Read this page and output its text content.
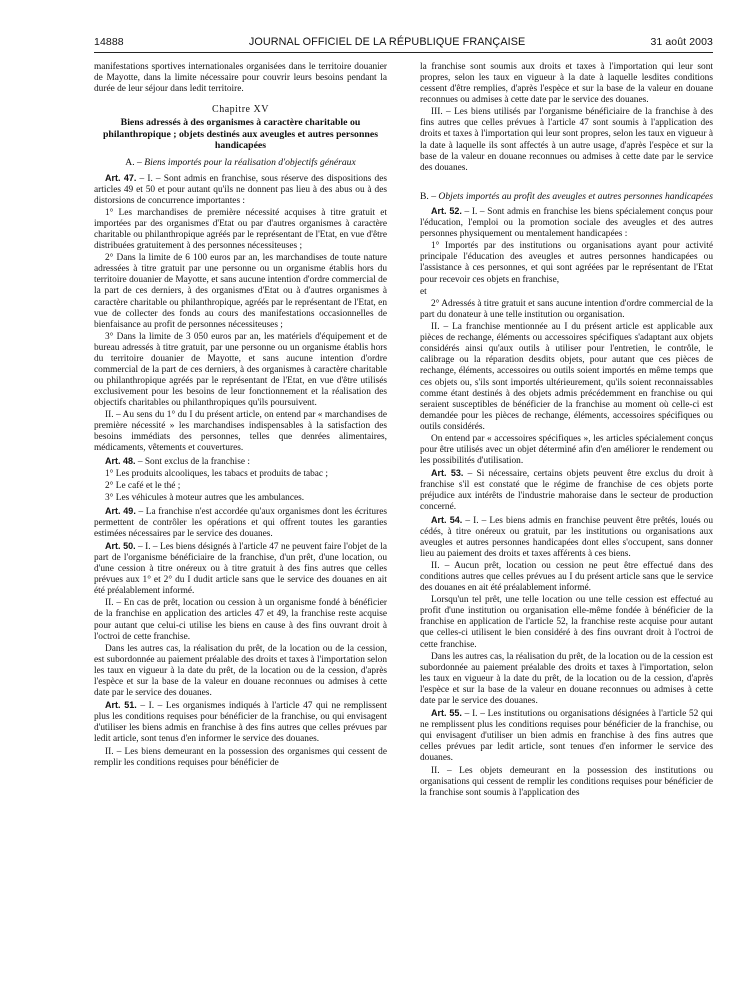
14888	JOURNAL OFFICIEL DE LA RÉPUBLIQUE FRANÇAISE	31 août 2003

manifestations sportives internationales organisées dans le territoire douanier de Mayotte, dans la limite nécessaire pour couvrir leurs besoins pendant la durée de leur séjour dans ledit territoire.

Chapitre XV
Biens adressés à des organismes à caractère charitable ou philanthropique ; objets destinés aux aveugles et autres personnes handicapées
A. – Biens importés pour la réalisation d'objectifs généraux

Art. 47. – I. – Sont admis en franchise, sous réserve des dispositions des articles 49 et 50 et pour autant qu'ils ne donnent pas lieu à des abus ou à des distorsions de concurrence importantes :

1° Les marchandises de première nécessité acquises à titre gratuit et importées par des organismes d'Etat ou par d'autres organismes à caractère charitable ou philanthropique agréés par le représentant de l'Etat, en vue d'être distribuées gratuitement à des personnes nécessiteuses ;

2° Dans la limite de 6 100 euros par an, les marchandises de toute nature adressées à titre gratuit par une personne ou un organisme établis hors du territoire douanier de Mayotte, et sans aucune intention d'ordre commercial de la part de ces derniers, à des organismes d'Etat ou à d'autres organismes à caractère charitable ou philanthropique, agréés par le représentant de l'Etat, en vue de collecter des fonds au cours des manifestations occasionnelles de bienfaisance au profit de personnes nécessiteuses ;

3° Dans la limite de 3 050 euros par an, les matériels d'équipement et de bureau adressés à titre gratuit, par une personne ou un organisme établis hors du territoire douanier de Mayotte, et sans aucune intention d'ordre commercial de la part de ces derniers, à des organismes à caractère charitable ou philanthropique agréés par le représentant de l'Etat, en vue d'être utilisés exclusivement pour les besoins de leur fonctionnement et la réalisation des objectifs charitables ou philanthropiques qu'ils poursuivent.

II. – Au sens du 1° du I du présent article, on entend par « marchandises de première nécessité » les marchandises indispensables à la satisfaction des besoins immédiats des personnes, telles que denrées alimentaires, médicaments, vêtements et couvertures.

Art. 48. – Sont exclus de la franchise :

1° Les produits alcooliques, les tabacs et produits de tabac ;

2° Le café et le thé ;

3° Les véhicules à moteur autres que les ambulances.

Art. 49. – La franchise n'est accordée qu'aux organismes dont les écritures permettent de contrôler les opérations et qui offrent toutes les garanties estimées nécessaires par le service des douanes.

Art. 50. – I. – Les biens désignés à l'article 47 ne peuvent faire l'objet de la part de l'organisme bénéficiaire de la franchise, d'un prêt, d'une location, ou d'une cession à titre onéreux ou à titre gratuit à des fins autres que celles prévues aux 1° et 2° du I dudit article sans que le service des douanes en ait été préalablement informé.

II. – En cas de prêt, location ou cession à un organisme fondé à bénéficier de la franchise en application des articles 47 et 49, la franchise reste acquise pour autant que celui-ci utilise les biens en cause à des fins ouvrant droit à l'octroi de cette franchise.

Dans les autres cas, la réalisation du prêt, de la location ou de la cession, est subordonnée au paiement préalable des droits et taxes à l'importation selon les taux en vigueur à la date du prêt, de la location ou de la cession, d'après l'espèce et sur la base de la valeur en douane reconnues ou admises à cette date par le service des douanes.

Art. 51. – I. – Les organismes indiqués à l'article 47 qui ne remplissent plus les conditions requises pour bénéficier de la franchise, ou qui envisagent d'utiliser les biens admis en franchise à des fins autres que celles prévues par ledit article, sont tenus d'en informer le service des douanes.

II. – Les biens demeurant en la possession des organismes qui cessent de remplir les conditions requises pour bénéficier de

la franchise sont soumis aux droits et taxes à l'importation qui leur sont propres, selon les taux en vigueur à la date à laquelle lesdites conditions cessent d'être remplies, d'après l'espèce et sur la base de la valeur en douane reconnues ou admises à cette date par le service des douanes.

III. – Les biens utilisés par l'organisme bénéficiaire de la franchise à des fins autres que celles prévues à l'article 47 sont soumis à l'application des droits et taxes à l'importation qui leur sont propres, selon les taux en vigueur à la date à laquelle ils sont affectés à un autre usage, d'après l'espèce et sur la base de la valeur en douane reconnues ou admises à cette date par le service des douanes.

B. – Objets importés au profit des aveugles et autres personnes handicapées

Art. 52. – I. – Sont admis en franchise les biens spécialement conçus pour l'éducation, l'emploi ou la promotion sociale des aveugles et des autres personnes physiquement ou mentalement handicapées :

1° Importés par des institutions ou organisations ayant pour activité principale l'éducation des aveugles et autres personnes handicapées ou l'assistance à ces personnes, et qui sont agréées par le représentant de l'Etat pour recevoir ces objets en franchise,

et

2° Adressés à titre gratuit et sans aucune intention d'ordre commercial de la part du donateur à une telle institution ou organisation.

II. – La franchise mentionnée au I du présent article est applicable aux pièces de rechange, éléments ou accessoires spécifiques s'adaptant aux objets considérés ainsi qu'aux outils à utiliser pour l'entretien, le contrôle, le calibrage ou la réparation desdits objets, pour autant que ces pièces de rechange, éléments, accessoires ou outils soient importés en même temps que ces objets ou, s'ils sont importés ultérieurement, qu'ils soient reconnaissables comme étant destinés à des objets admis précédemment en franchise ou qui seraient susceptibles de bénéficier de la franchise au moment où celle-ci est demandée pour les pièces de rechange, éléments, accessoires spécifiques ou outils considérés.

On entend par « accessoires spécifiques », les articles spécialement conçus pour être utilisés avec un objet déterminé afin d'en améliorer le rendement ou les possibilités d'utilisation.

Art. 53. – Si nécessaire, certains objets peuvent être exclus du droit à franchise s'il est constaté que le régime de franchise de ces objets porte préjudice aux intérêts de l'industrie mahoraise dans le secteur de production concerné.

Art. 54. – I. – Les biens admis en franchise peuvent être prêtés, loués ou cédés, à titre onéreux ou gratuit, par les institutions ou organisations aux aveugles et autres personnes handicapées dont elles s'occupent, sans donner lieu au paiement des droits et taxes afférents à ces biens.

II. – Aucun prêt, location ou cession ne peut être effectué dans des conditions autres que celles prévues au I du présent article sans que le service des douanes en ait été préalablement informé.

Lorsqu'un tel prêt, une telle location ou une telle cession est effectué au profit d'une institution ou organisation elle-même fondée à bénéficier de la franchise en application de l'article 52, la franchise reste acquise pour autant que celles-ci utilisent le bien considéré à des fins ouvrant droit à l'octroi de cette franchise.

Dans les autres cas, la réalisation du prêt, de la location ou de la cession est subordonnée au paiement préalable des droits et taxes à l'importation, selon les taux en vigueur à la date du prêt, de la location ou de la cession, d'après l'espèce et sur la base de la valeur en douane reconnues ou admises à cette date par le service des douanes.

Art. 55. – I. – Les institutions ou organisations désignées à l'article 52 qui ne remplissent plus les conditions requises pour bénéficier de la franchise, ou qui envisagent d'utiliser un bien admis en franchise à des fins autres que celles prévues par ledit article, sont tenues d'en informer le service des douanes.

II. – Les objets demeurant en la possession des institutions ou organisations qui cessent de remplir les conditions requises pour bénéficier de la franchise sont soumis à l'application des
